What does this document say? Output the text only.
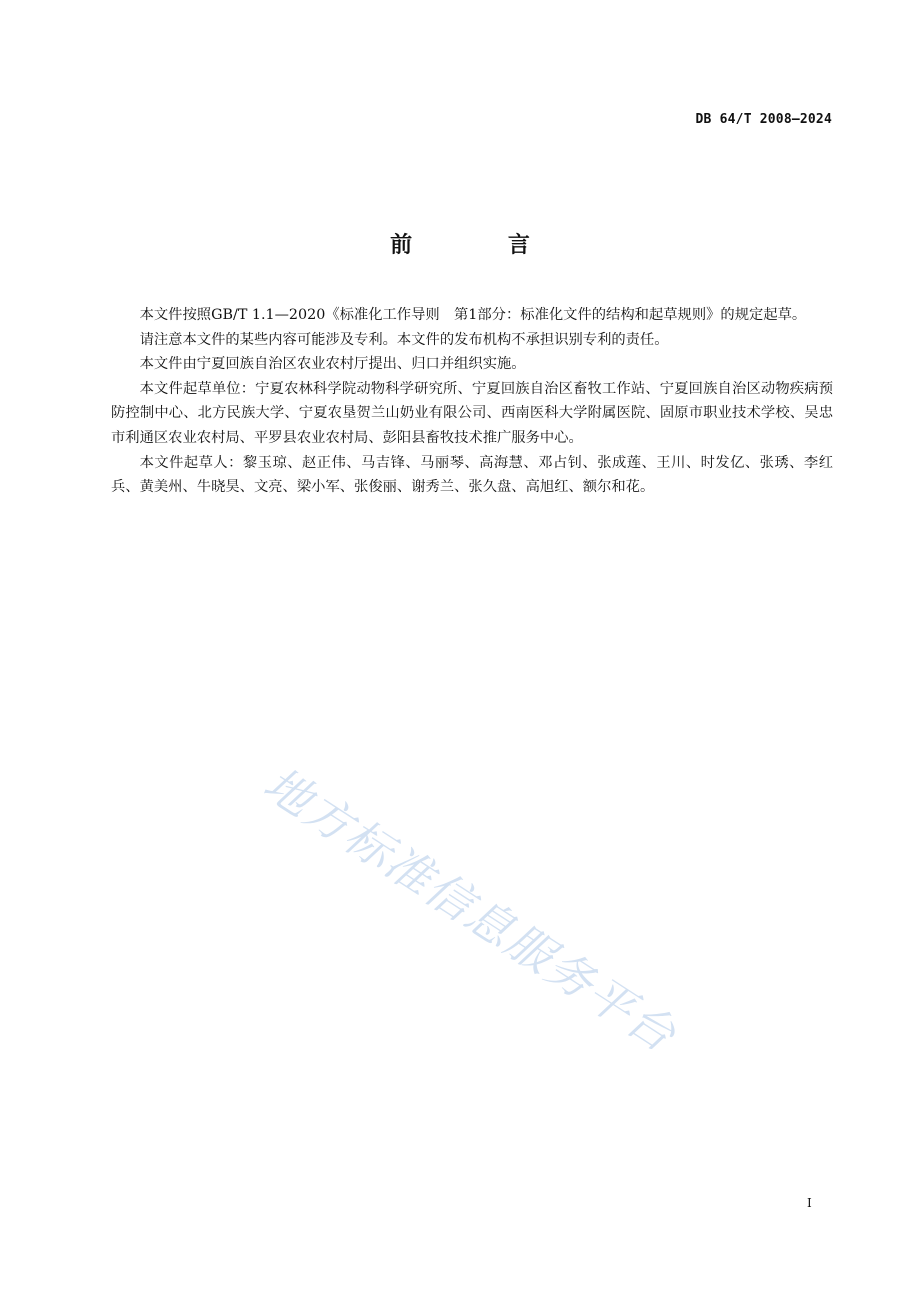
DB 64/T 2008—2024
前 言

本文件按照GB/T 1.1—2020《标准化工作导则　第1部分：标准化文件的结构和起草规则》的规定起草。

请注意本文件的某些内容可能涉及专利。本文件的发布机构不承担识别专利的责任。

本文件由宁夏回族自治区农业农村厅提出、归口并组织实施。

本文件起草单位：宁夏农林科学院动物科学研究所、宁夏回族自治区畜牧工作站、宁夏回族自治区动物疾病预防控制中心、北方民族大学、宁夏农垦贺兰山奶业有限公司、西南医科大学附属医院、固原市职业技术学校、吴忠市利通区农业农村局、平罗县农业农村局、彭阳县畜牧技术推广服务中心。

本文件起草人：黎玉琼、赵正伟、马吉锋、马丽琴、高海慧、邓占钊、张成莲、王川、时发亿、张琇、李红兵、黄美州、牛晓昊、文亮、梁小军、张俊丽、谢秀兰、张久盘、高旭红、额尔和花。

地方标准信息服务平台
I
